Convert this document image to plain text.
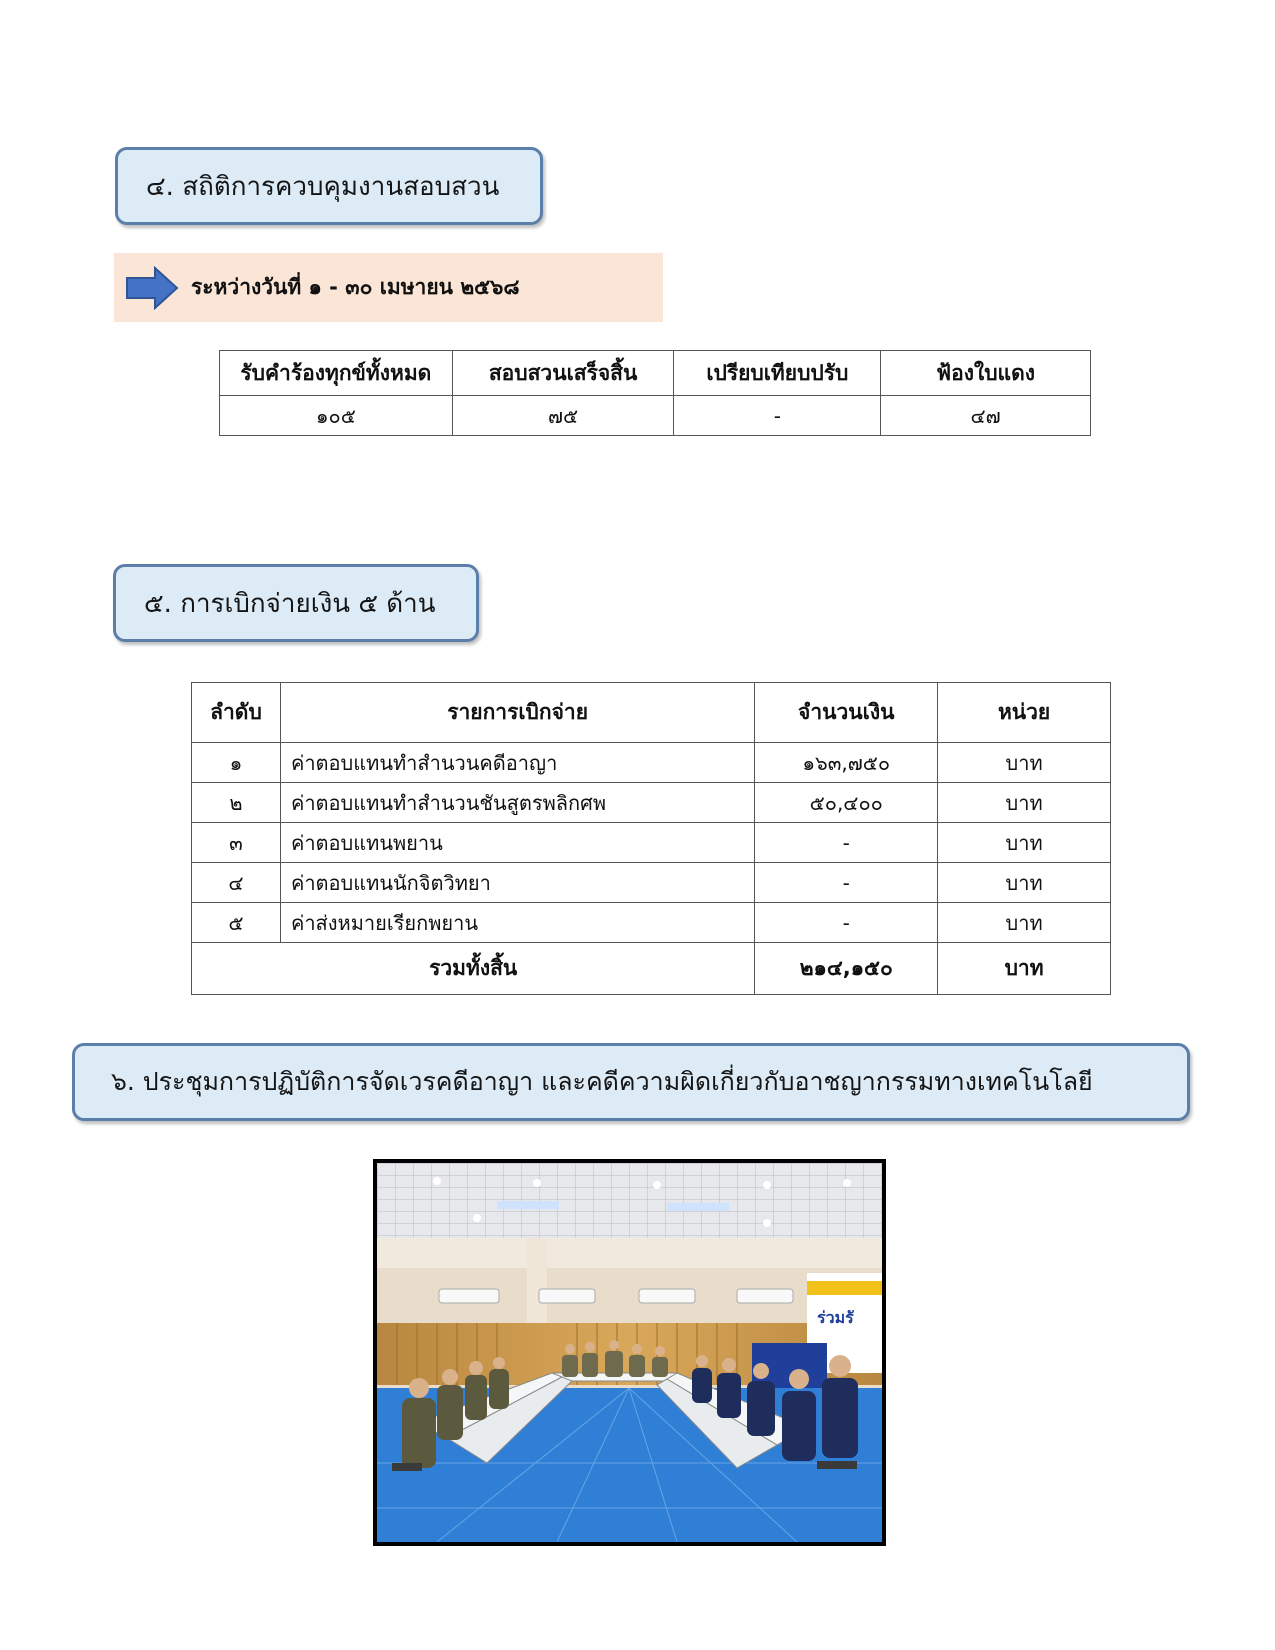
๔. สถิติการควบคุมงานสอบสวน
ระหว่างวันที่ ๑ - ๓๐ เมษายน ๒๕๖๘
รับคำร้องทุกข์ทั้งหมด	สอบสวนเสร็จสิ้น	เปรียบเทียบปรับ	ฟ้องใบแดง
๑๐๕	๗๕	-	๔๗
๕. การเบิกจ่ายเงิน ๕ ด้าน
ลำดับ	รายการเบิกจ่าย	จำนวนเงิน	หน่วย
๑	ค่าตอบแทนทำสำนวนคดีอาญา	๑๖๓,๗๕๐	บาท
๒	ค่าตอบแทนทำสำนวนชันสูตรพลิกศพ	๕๐,๔๐๐	บาท
๓	ค่าตอบแทนพยาน	-	บาท
๔	ค่าตอบแทนนักจิตวิทยา	-	บาท
๕	ค่าส่งหมายเรียกพยาน	-	บาท
รวมทั้งสิ้น		๒๑๔,๑๕๐	บาท
๖. ประชุมการปฏิบัติการจัดเวรคดีอาญา และคดีความผิดเกี่ยวกับอาชญากรรมทางเทคโนโลยี
ร่วมรั
